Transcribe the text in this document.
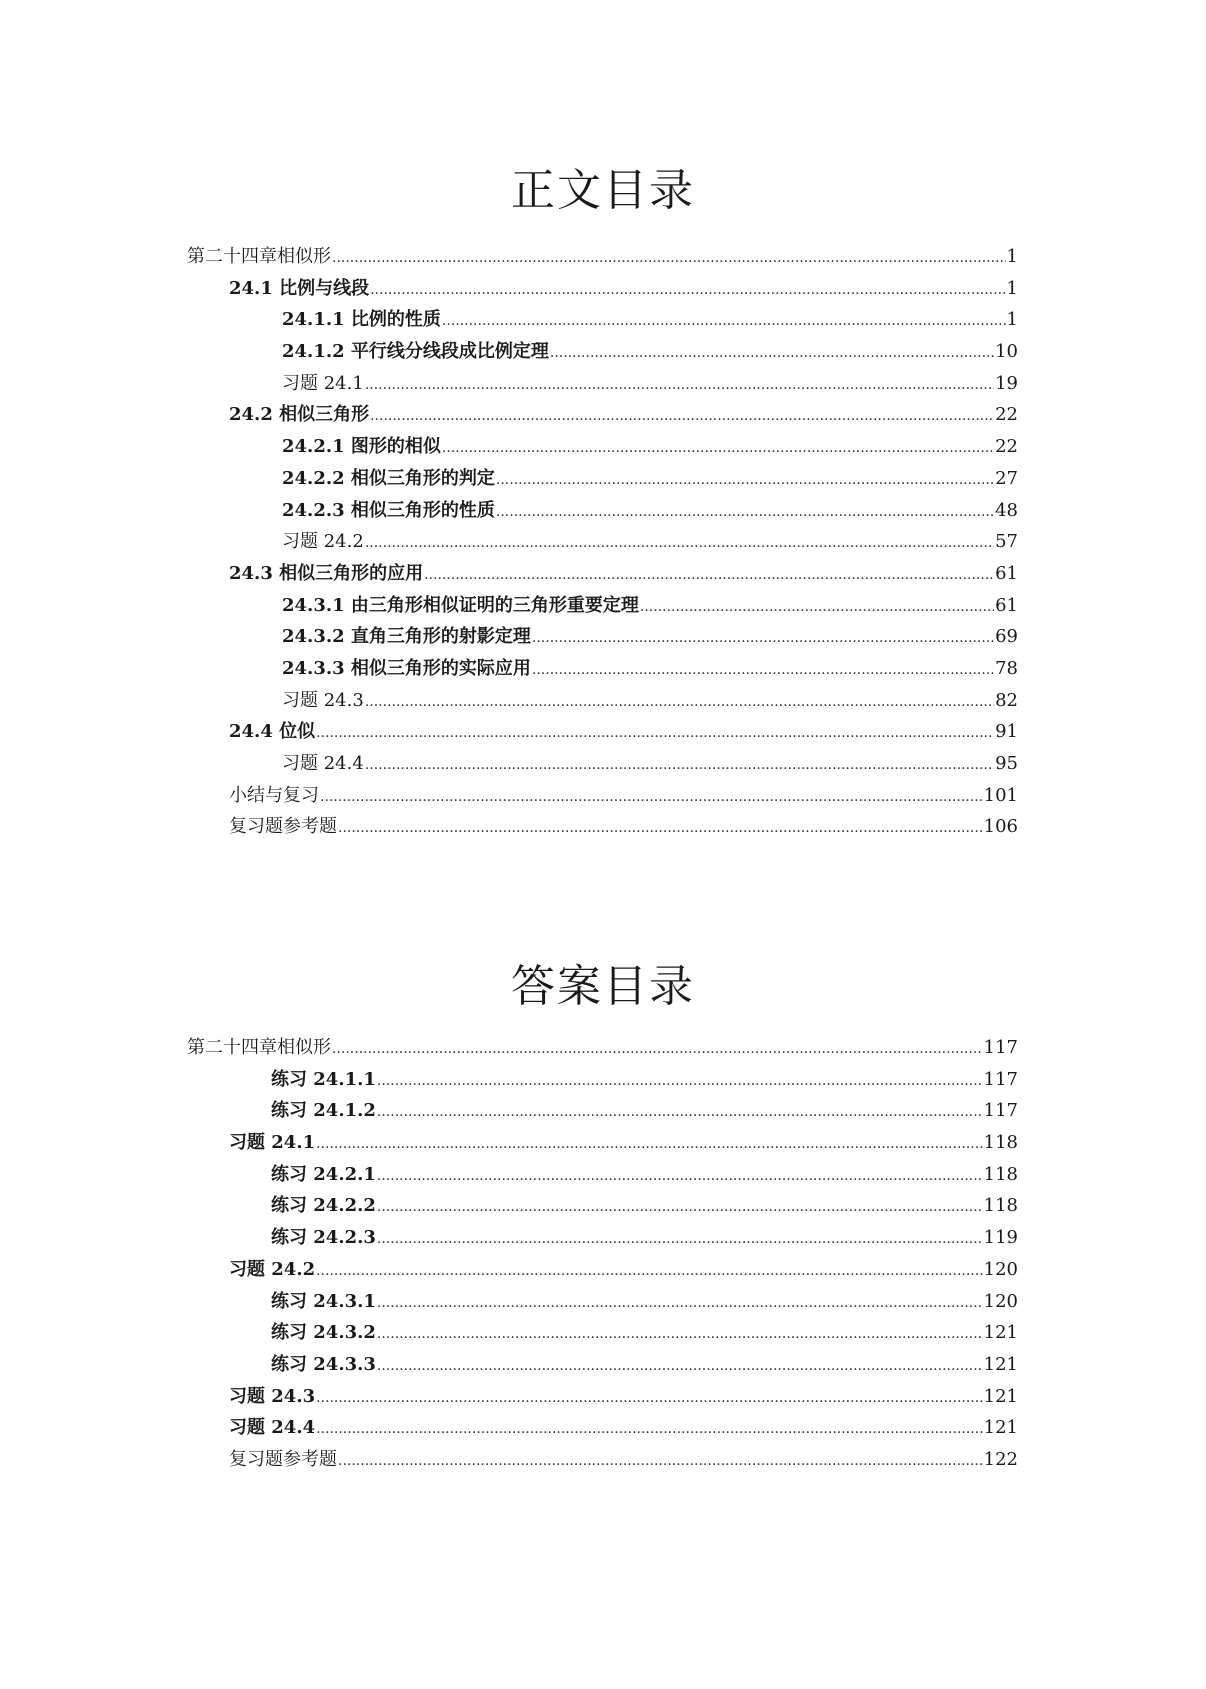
正文目录
第二十四章相似形 .....	1
24.1 比例与线段 .....	1
24.1.1 比例的性质 .....	1
24.1.2 平行线分线段成比例定理 .....	10
习题 24.1 .....	19
24.2 相似三角形 .....	22
24.2.1 图形的相似 .....	22
24.2.2 相似三角形的判定 .....	27
24.2.3 相似三角形的性质 .....	48
习题 24.2 .....	57
24.3 相似三角形的应用 .....	61
24.3.1 由三角形相似证明的三角形重要定理 .....	61
24.3.2 直角三角形的射影定理 .....	69
24.3.3 相似三角形的实际应用 .....	78
习题 24.3 .....	82
24.4 位似 .....	91
习题 24.4 .....	95
小结与复习 .....	101
复习题参考题 .....	106
答案目录
第二十四章相似形 .....	117
练习 24.1.1 .....	117
练习 24.1.2 .....	117
习题 24.1 .....	118
练习 24.2.1 .....	118
练习 24.2.2 .....	118
练习 24.2.3 .....	119
习题 24.2 .....	120
练习 24.3.1 .....	120
练习 24.3.2 .....	121
练习 24.3.3 .....	121
习题 24.3 .....	121
习题 24.4 .....	121
复习题参考题 .....	122
